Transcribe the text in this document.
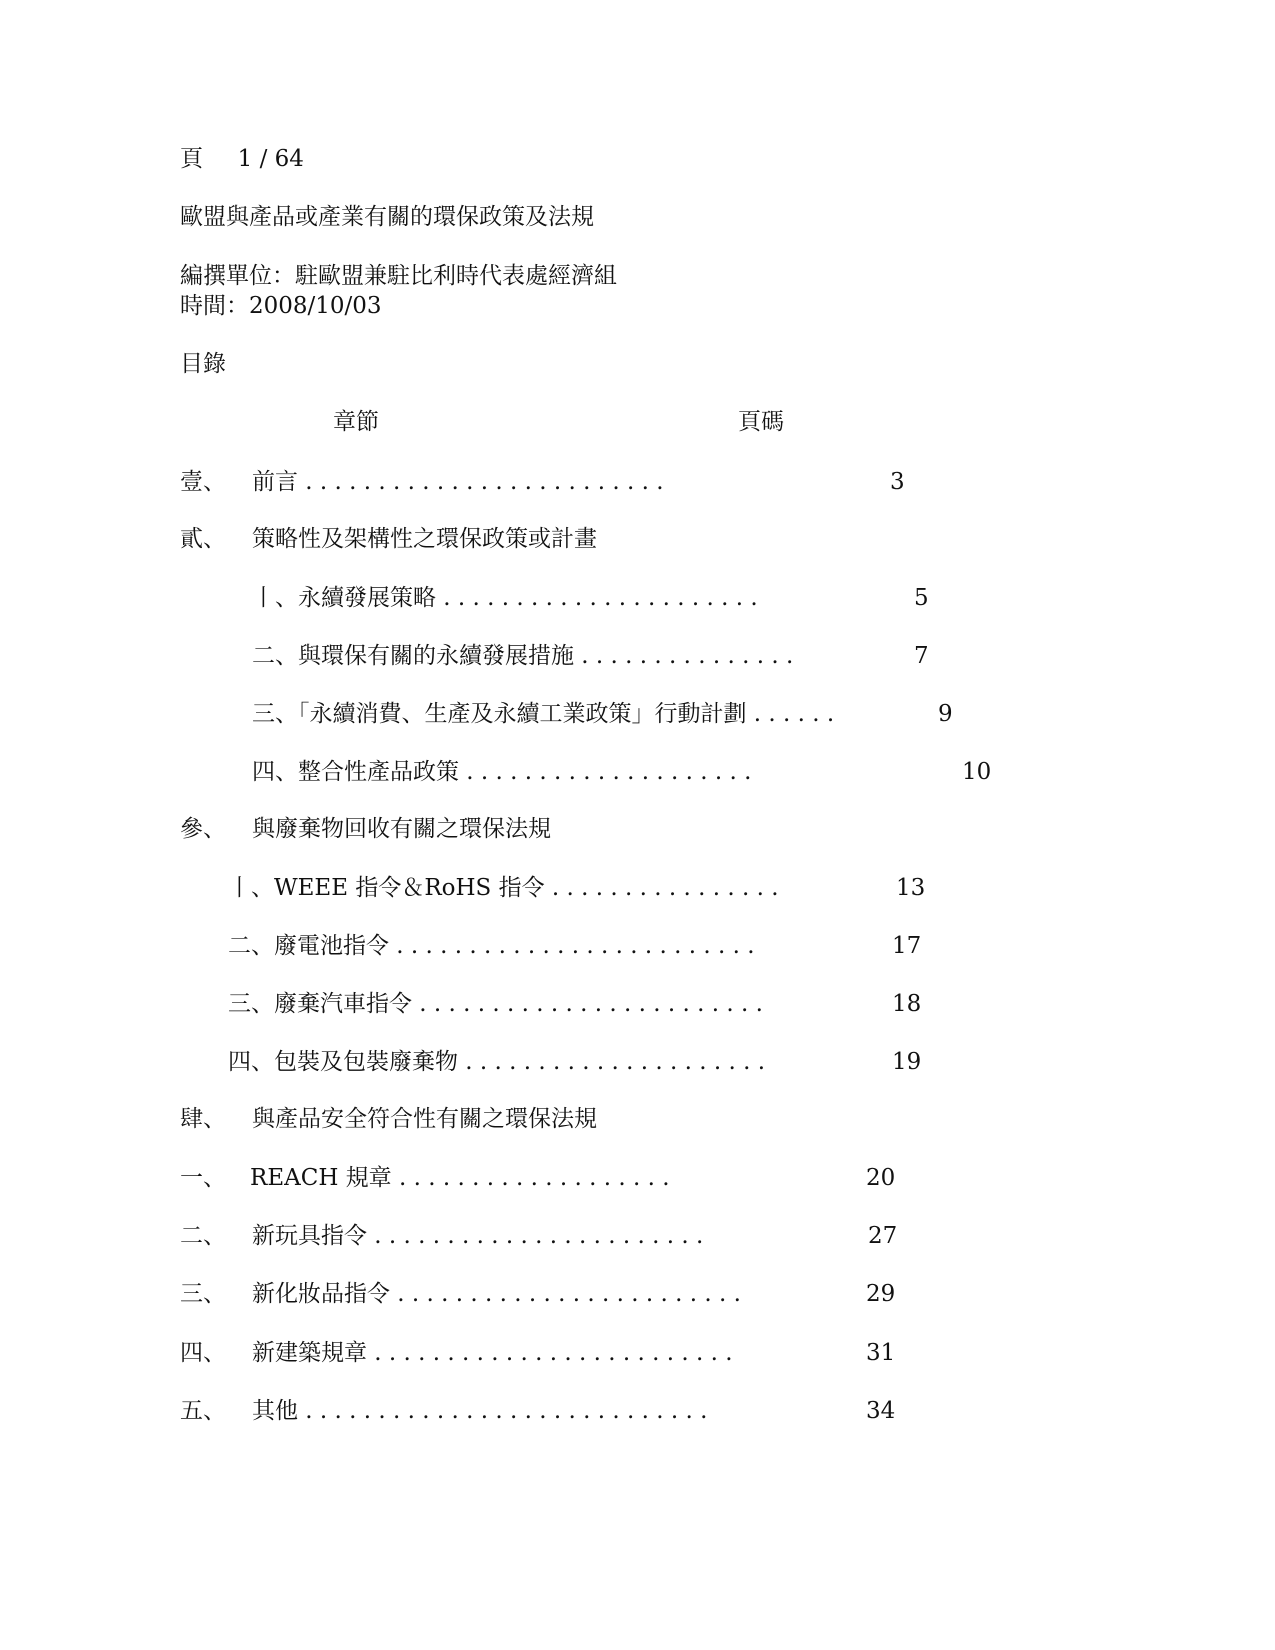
頁 1 / 64
歐盟與產品或產業有關的環保政策及法規
編撰單位：駐歐盟兼駐比利時代表處經濟組
時間：2008/10/03
目錄
章節	頁碼
壹、 前言 . . . . . . . . . . . . . . . . . . . . . . . . .	3
貳、 策略性及架構性之環保政策或計畫
丨、永續發展策略 . . . . . . . . . . . . . . . . . . . . . .	5
二、與環保有關的永續發展措施 . . . . . . . . . . . . . . .	7
三、「永續消費、生產及永續工業政策」行動計劃 . . . . . .	9
四、整合性產品政策 . . . . . . . . . . . . . . . . . . . .	10
參、 與廢棄物回收有關之環保法規
丨、WEEE 指令＆RoHS 指令 . . . . . . . . . . . . . . . .	13
二、廢電池指令 . . . . . . . . . . . . . . . . . . . . . . . . .	17
三、廢棄汽車指令 . . . . . . . . . . . . . . . . . . . . . . . .	18
四、包裝及包裝廢棄物 . . . . . . . . . . . . . . . . . . . . .	19
肆、 與產品安全符合性有關之環保法規
一、 REACH 規章 . . . . . . . . . . . . . . . . . . .	20
二、 新玩具指令 . . . . . . . . . . . . . . . . . . . . . . .	27
三、 新化妝品指令 . . . . . . . . . . . . . . . . . . . . . . . .	29
四、 新建築規章 . . . . . . . . . . . . . . . . . . . . . . . . .	31
五、 其他 . . . . . . . . . . . . . . . . . . . . . . . . . . . .	34
